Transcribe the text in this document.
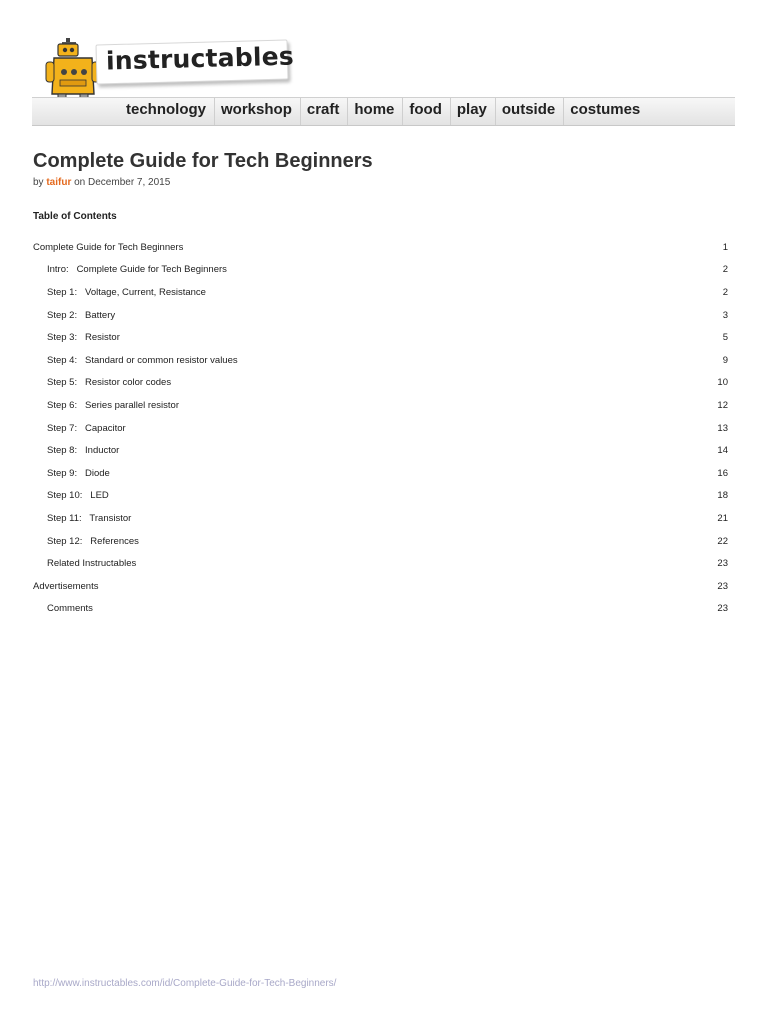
instructables
technology	workshop	craft	home	food	play	outside	costumes
Complete Guide for Tech Beginners
by taifur on December 7, 2015
Table of Contents
Complete Guide for Tech Beginners	1
Intro:   Complete Guide for Tech Beginners	2
Step 1:   Voltage, Current, Resistance	2
Step 2:   Battery	3
Step 3:   Resistor	5
Step 4:   Standard or common resistor values	9
Step 5:   Resistor color codes	10
Step 6:   Series parallel resistor	12
Step 7:   Capacitor	13
Step 8:   Inductor	14
Step 9:   Diode	16
Step 10:   LED	18
Step 11:   Transistor	21
Step 12:   References	22
Related Instructables	23
Advertisements	23
Comments	23
http://www.instructables.com/id/Complete-Guide-for-Tech-Beginners/
